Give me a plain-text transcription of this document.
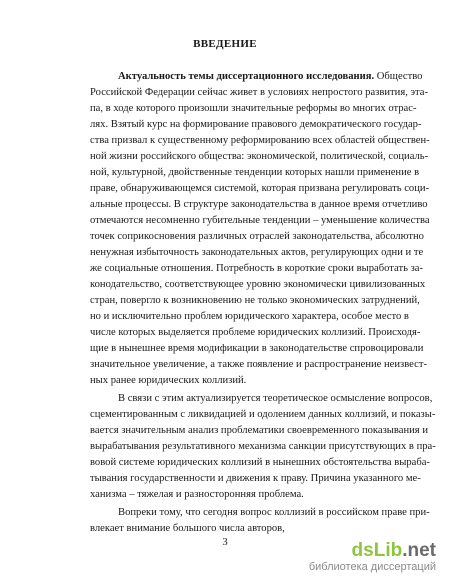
ВВЕДЕНИЕ
Актуальность темы диссертационного исследования. Общество
Российской Федерации сейчас живет в условиях непростого развития, эта-
па, в ходе которого произошли значительные реформы во многих отрас-
лях. Взятый курс на формирование правового демократического государ-
ства призвал к существенному реформированию всех областей обществен-
ной жизни российского общества: экономической, политической, социаль-
ной, культурной, двойственные тенденции которых нашли применение в
праве, обнаруживающемся системой, которая призвана регулировать соци-
альные процессы. В структуре законодательства в данное время отчетливо
отмечаются несомненно губительные тенденции – уменьшение количества
точек соприкосновения различных отраслей законодательства, абсолютно
ненужная избыточность законодательных актов, регулирующих одни и те
же социальные отношения. Потребность в короткие сроки выработать за-
конодательство, соответствующее уровню экономически цивилизованных
стран, повергло к возникновению не только экономических затруднений,
но и исключительно проблем юридического характера, особое место в
числе которых выделяется проблеме юридических коллизий. Происходя-
щие в нынешнее время модификации в законодательстве спровоцировали
значительное увеличение, а также появление и распространение неизвест-
ных ранее юридических коллизий.
В связи с этим актуализируется теоретическое осмысление вопросов,
сцементированным с ликвидацией и одолением данных коллизий, и показы-
вается значительным анализ проблематики своевременного показывания и
вырабатывания результативного механизма санкции присутствующих в пра-
вовой системе юридических коллизий в нынешних обстоятельства выраба-
тывания государственности и движения к праву. Причина указанного ме-
ханизма – тяжелая и разносторонняя проблема.
Вопреки тому, что сегодня вопрос коллизий в российском праве при-
влекает внимание большого числа авторов,
3	dsLib.net
библиотека диссертаций
